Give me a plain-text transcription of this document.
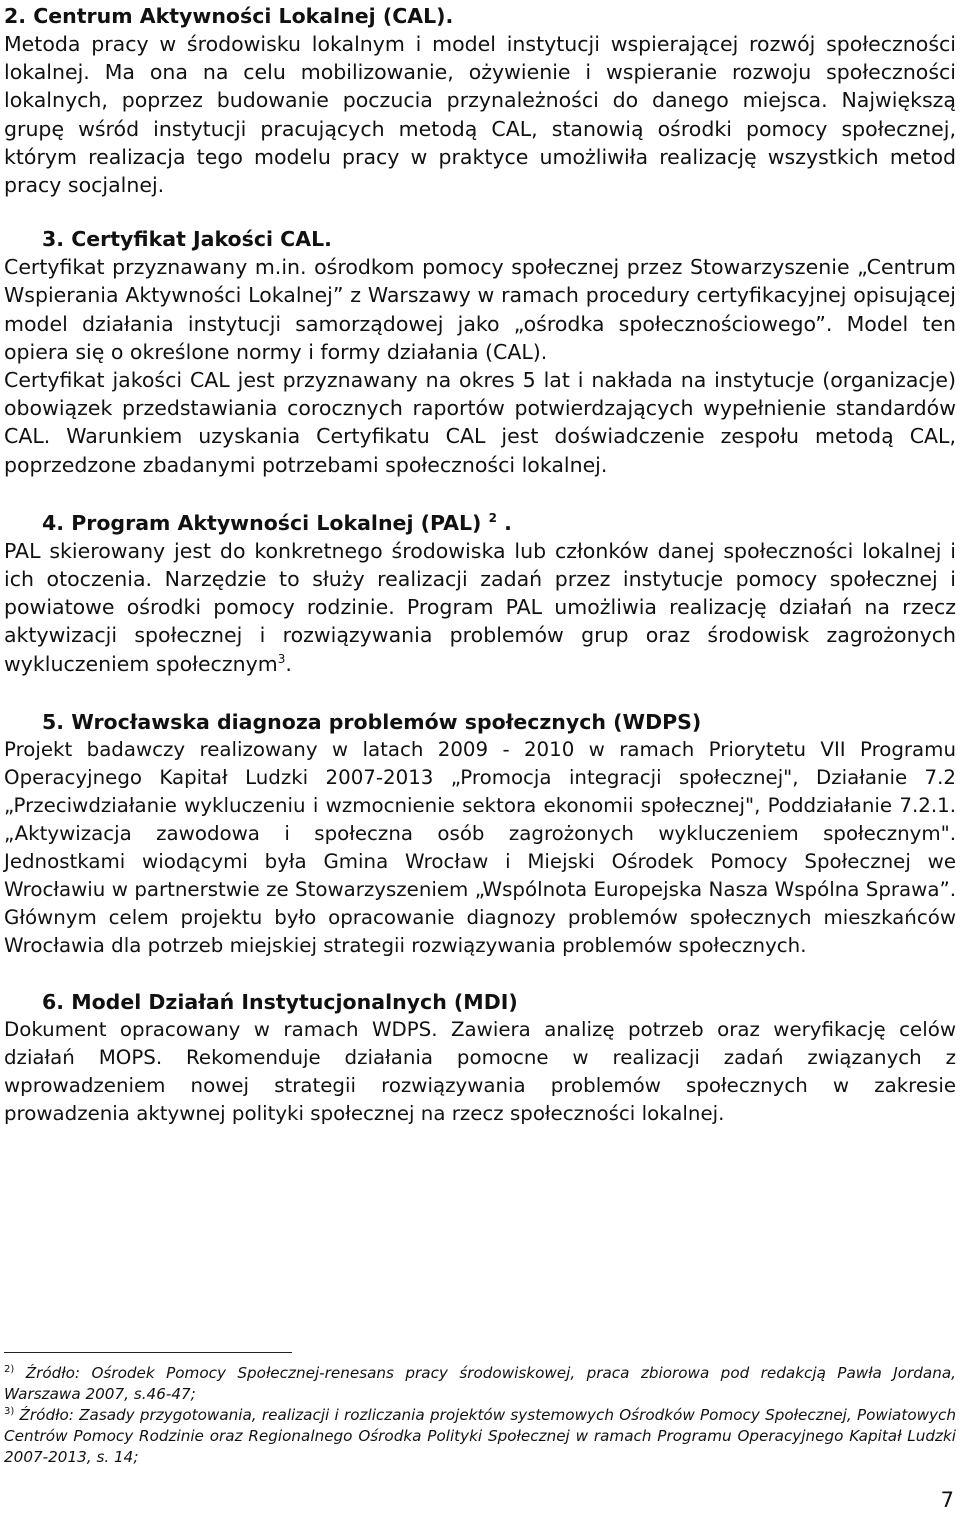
2. Centrum Aktywności Lokalnej (CAL).

Metoda pracy w środowisku lokalnym i model instytucji wspierającej rozwój społeczności lokalnej. Ma ona na celu mobilizowanie, ożywienie i wspieranie rozwoju społeczności lokalnych, poprzez budowanie poczucia przynależności do danego miejsca. Największą grupę wśród instytucji pracujących metodą CAL, stanowią ośrodki pomocy społecznej, którym realizacja tego modelu pracy w praktyce umożliwiła realizację wszystkich metod pracy socjalnej.

3. Certyfikat Jakości CAL.

Certyfikat przyznawany m.in. ośrodkom pomocy społecznej przez Stowarzyszenie „Centrum Wspierania Aktywności Lokalnej” z Warszawy w ramach procedury certyfikacyjnej opisującej model działania instytucji samorządowej jako „ośrodka społecznościowego”. Model ten opiera się o określone normy i formy działania (CAL).

Certyfikat jakości CAL jest przyznawany na okres 5 lat i nakłada na instytucje (organizacje) obowiązek przedstawiania corocznych raportów potwierdzających wypełnienie standardów CAL. Warunkiem uzyskania Certyfikatu CAL jest doświadczenie zespołu metodą CAL, poprzedzone zbadanymi potrzebami społeczności lokalnej.

4. Program Aktywności Lokalnej (PAL) $^2$ .

PAL skierowany jest do konkretnego środowiska lub członków danej społeczności lokalnej i ich otoczenia. Narzędzie to służy realizacji zadań przez instytucje pomocy społecznej i powiatowe ośrodki pomocy rodzinie. Program PAL umożliwia realizację działań na rzecz aktywizacji społecznej i rozwiązywania problemów grup oraz środowisk zagrożonych wykluczeniem społecznym$^3$.

5. Wrocławska diagnoza problemów społecznych (WDPS)

Projekt badawczy realizowany w latach 2009 - 2010 w ramach Priorytetu VII Programu Operacyjnego Kapitał Ludzki 2007-2013 „Promocja integracji społecznej", Działanie 7.2 „Przeciwdziałanie wykluczeniu i wzmocnienie sektora ekonomii społecznej", Poddziałanie 7.2.1. „Aktywizacja zawodowa i społeczna osób zagrożonych wykluczeniem społecznym". Jednostkami wiodącymi była Gmina Wrocław i Miejski Ośrodek Pomocy Społecznej we Wrocławiu w partnerstwie ze Stowarzyszeniem „Wspólnota Europejska Nasza Wspólna Sprawa”. Głównym celem projektu było opracowanie diagnozy problemów społecznych mieszkańców Wrocławia dla potrzeb miejskiej strategii rozwiązywania problemów społecznych.

6. Model Działań Instytucjonalnych (MDI)

Dokument opracowany w ramach WDPS. Zawiera analizę potrzeb oraz weryfikację celów działań MOPS. Rekomenduje działania pomocne w realizacji zadań związanych z wprowadzeniem nowej strategii rozwiązywania problemów społecznych w zakresie prowadzenia aktywnej polityki społecznej na rzecz społeczności lokalnej.

$^{2)}$ Źródło: Ośrodek Pomocy Społecznej-renesans pracy środowiskowej, praca zbiorowa pod redakcją Pawła Jordana, Warszawa 2007, s.46-47;

$^{3)}$ Źródło: Zasady przygotowania, realizacji i rozliczania projektów systemowych Ośrodków Pomocy Społecznej, Powiatowych Centrów Pomocy Rodzinie oraz Regionalnego Ośrodka Polityki Społecznej w ramach Programu Operacyjnego Kapitał Ludzki 2007-2013, s. 14;

7
